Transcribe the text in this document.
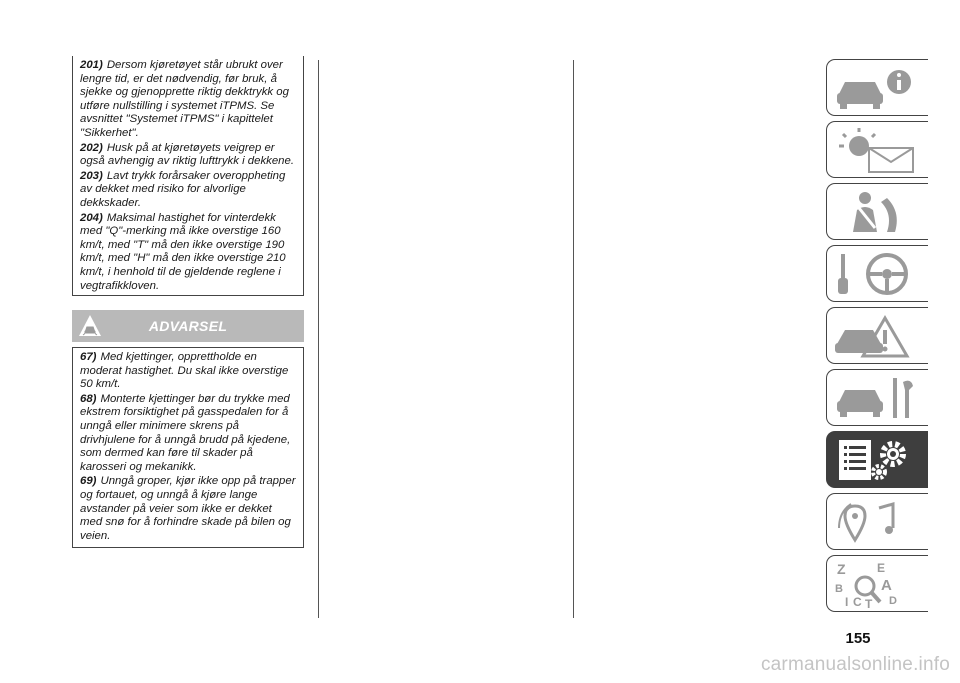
201) Dersom kjøretøyet står ubrukt over lengre tid, er det nødvendig, før bruk, å sjekke og gjenopprette riktig dekktrykk og utføre nullstilling i systemet iTPMS. Se avsnittet "Systemet iTPMS" i kapittelet "Sikkerhet".

202) Husk på at kjøretøyets veigrep er også avhengig av riktig lufttrykk i dekkene.

203) Lavt trykk forårsaker overoppheting av dekket med risiko for alvorlige dekkskader.

204) Maksimal hastighet for vinterdekk med "Q"-merking må ikke overstige 160 km/t, med "T" må den ikke overstige 190 km/t, med "H" må den ikke overstige 210 km/t, i henhold til de gjeldende reglene i vegtrafikkloven.

ADVARSEL

67) Med kjettinger, opprettholde en moderat hastighet. Du skal ikke overstige 50 km/t.

68) Monterte kjettinger bør du trykke med ekstrem forsiktighet på gasspedalen for å unngå eller minimere skrens på drivhjulene for å unngå brudd på kjedene, som dermed kan føre til skader på karosseri og mekanikk.

69) Unngå groper, kjør ikke opp på trapper og fortauet, og unngå å kjøre lange avstander på veier som ikke er dekket med snø for å forhindre skade på bilen og veien.

Z	E
B	A
C T D
I
155
carmanualsonline.info
